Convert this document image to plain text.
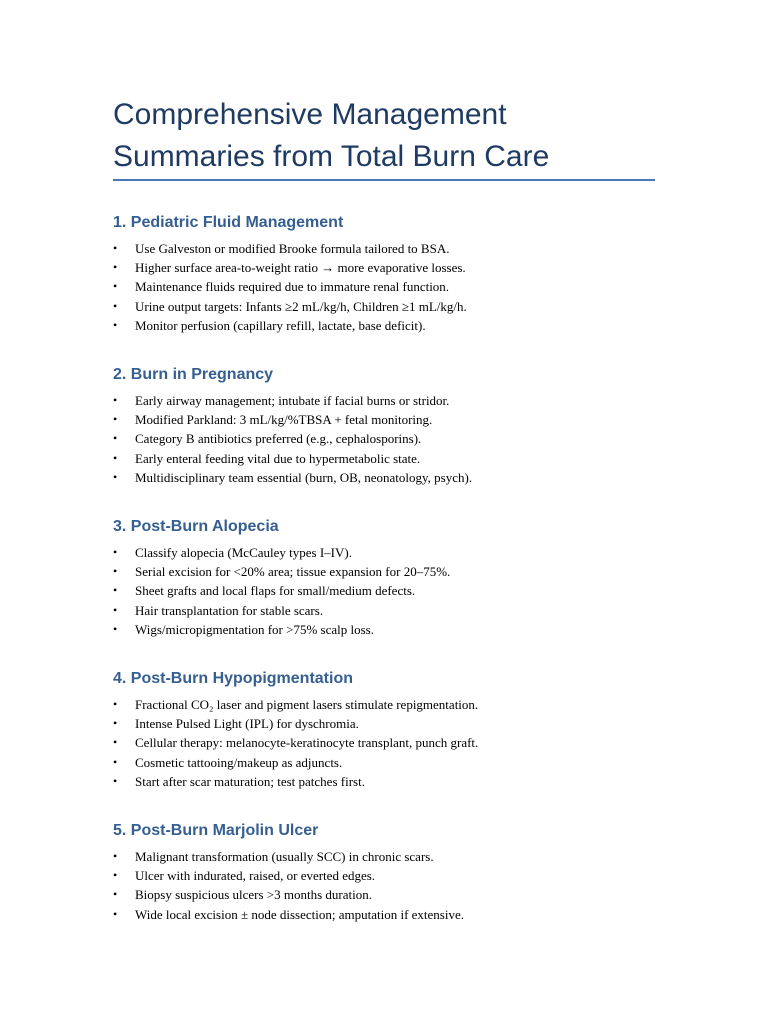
Comprehensive Management Summaries from Total Burn Care
1. Pediatric Fluid Management
• Use Galveston or modified Brooke formula tailored to BSA.
• Higher surface area-to-weight ratio → more evaporative losses.
• Maintenance fluids required due to immature renal function.
• Urine output targets: Infants ≥2 mL/kg/h, Children ≥1 mL/kg/h.
• Monitor perfusion (capillary refill, lactate, base deficit).
2. Burn in Pregnancy
• Early airway management; intubate if facial burns or stridor.
• Modified Parkland: 3 mL/kg/%TBSA + fetal monitoring.
• Category B antibiotics preferred (e.g., cephalosporins).
• Early enteral feeding vital due to hypermetabolic state.
• Multidisciplinary team essential (burn, OB, neonatology, psych).
3. Post-Burn Alopecia
• Classify alopecia (McCauley types I–IV).
• Serial excision for <20% area; tissue expansion for 20–75%.
• Sheet grafts and local flaps for small/medium defects.
• Hair transplantation for stable scars.
• Wigs/micropigmentation for >75% scalp loss.
4. Post-Burn Hypopigmentation
• Fractional CO₂ laser and pigment lasers stimulate repigmentation.
• Intense Pulsed Light (IPL) for dyschromia.
• Cellular therapy: melanocyte-keratinocyte transplant, punch graft.
• Cosmetic tattooing/makeup as adjuncts.
• Start after scar maturation; test patches first.
5. Post-Burn Marjolin Ulcer
• Malignant transformation (usually SCC) in chronic scars.
• Ulcer with indurated, raised, or everted edges.
• Biopsy suspicious ulcers >3 months duration.
• Wide local excision ± node dissection; amputation if extensive.
